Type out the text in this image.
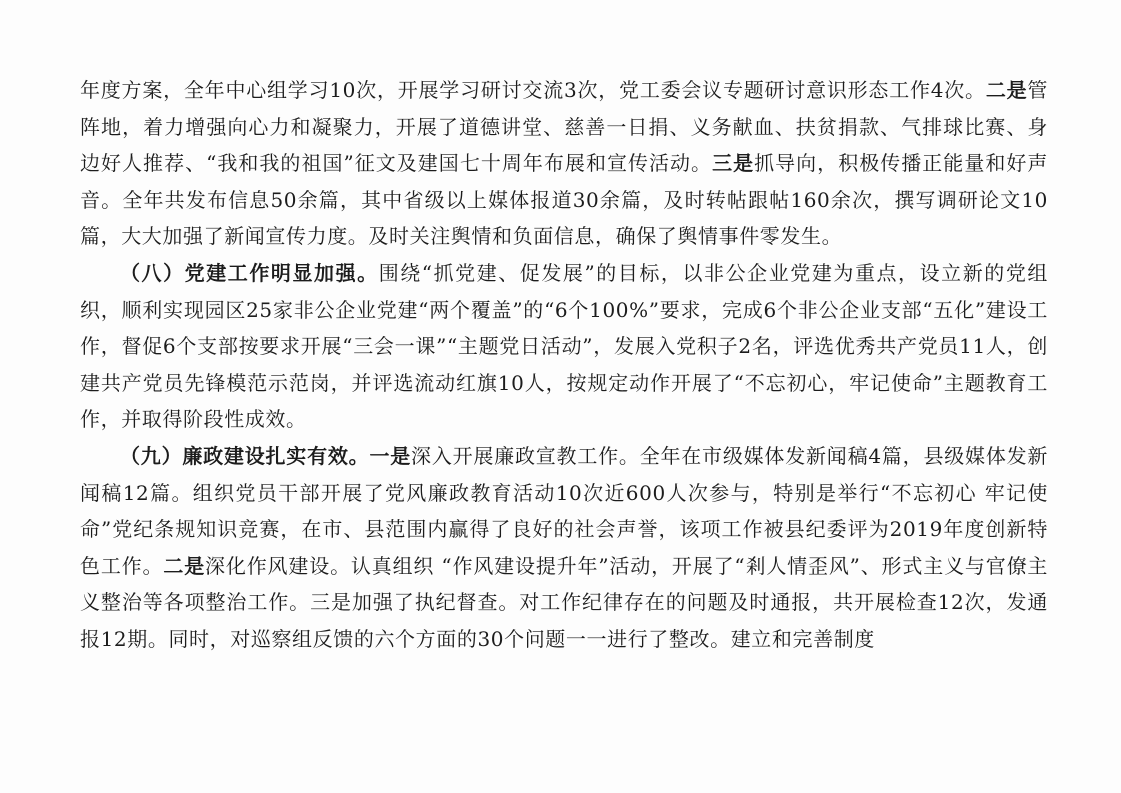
年度方案，全年中心组学习10次，开展学习研讨交流3次，党工委会议专题研讨意识形态工作4次。二是管阵地，着力增强向心力和凝聚力，开展了道德讲堂、慈善一日捐、义务献血、扶贫捐款、气排球比赛、身边好人推荐、“我和我的祖国”征文及建国七十周年布展和宣传活动。三是抓导向，积极传播正能量和好声音。全年共发布信息50余篇，其中省级以上媒体报道30余篇，及时转帖跟帖160余次，撰写调研论文10篇，大大加强了新闻宣传力度。及时关注舆情和负面信息，确保了舆情事件零发生。

（八）党建工作明显加强。围绕“抓党建、促发展”的目标，以非公企业党建为重点，设立新的党组织，顺利实现园区25家非公企业党建“两个覆盖”的“6个100%”要求，完成6个非公企业支部“五化”建设工作，督促6个支部按要求开展“三会一课”“主题党日活动”，发展入党积子2名，评选优秀共产党员11人，创建共产党员先锋模范示范岗，并评选流动红旗10人，按规定动作开展了“不忘初心，牢记使命”主题教育工作，并取得阶段性成效。

（九）廉政建设扎实有效。一是深入开展廉政宣教工作。全年在市级媒体发新闻稿4篇，县级媒体发新闻稿12篇。组织党员干部开展了党风廉政教育活动10次近600人次参与，特别是举行“不忘初心 牢记使命”党纪条规知识竞赛，在市、县范围内赢得了良好的社会声誉，该项工作被县纪委评为2019年度创新特色工作。二是深化作风建设。认真组织 “作风建设提升年”活动，开展了“剎人情歪风”、形式主义与官僚主义整治等各项整治工作。三是加强了执纪督查。对工作纪律存在的问题及时通报，共开展检查12次，发通报12期。同时，对巡察组反馈的六个方面的30个问题一一进行了整改。建立和完善制度
